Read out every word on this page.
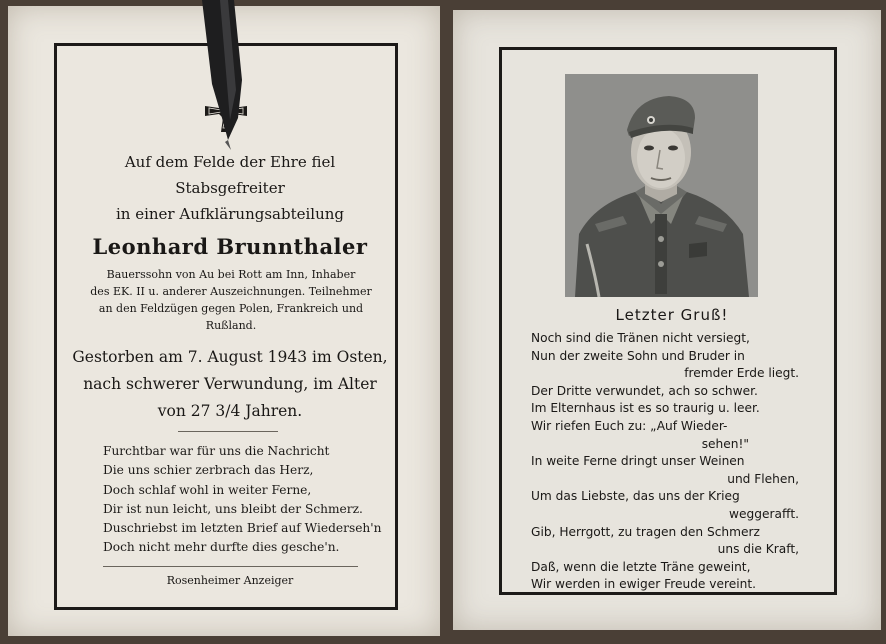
Auf dem Felde der Ehre fiel
Stabsgefreiter
in einer Aufklärungsabteilung
Leonhard Brunnthaler
Bauerssohn von Au bei Rott am Inn, Inhaber
des EK. II u. anderer Auszeichnungen. Teilnehmer
an den Feldzügen gegen Polen, Frankreich und
Rußland.
Gestorben am 7. August 1943 im Osten,
nach schwerer Verwundung, im Alter
von 27 3/4 Jahren.
Furchtbar war für uns die Nachricht
Die uns schier zerbrach das Herz,
Doch schlaf wohl in weiter Ferne,
Dir ist nun leicht, uns bleibt der Schmerz.
Duschriebst im letzten Brief auf Wiederseh'n
Doch nicht mehr durfte dies gesche'n.
Rosenheimer Anzeiger
Letzter Gruß!
Noch sind die Tränen nicht versiegt,
Nun der zweite Sohn und Bruder in
fremder Erde liegt.
Der Dritte verwundet, ach so schwer.
Im Elternhaus ist es so traurig u. leer.
Wir riefen Euch zu: „Auf Wieder-
sehen!"
In weite Ferne dringt unser Weinen
und Flehen,
Um das Liebste, das uns der Krieg
weggerafft.
Gib, Herrgott, zu tragen den Schmerz
uns die Kraft,
Daß, wenn die letzte Träne geweint,
Wir werden in ewiger Freude vereint.
